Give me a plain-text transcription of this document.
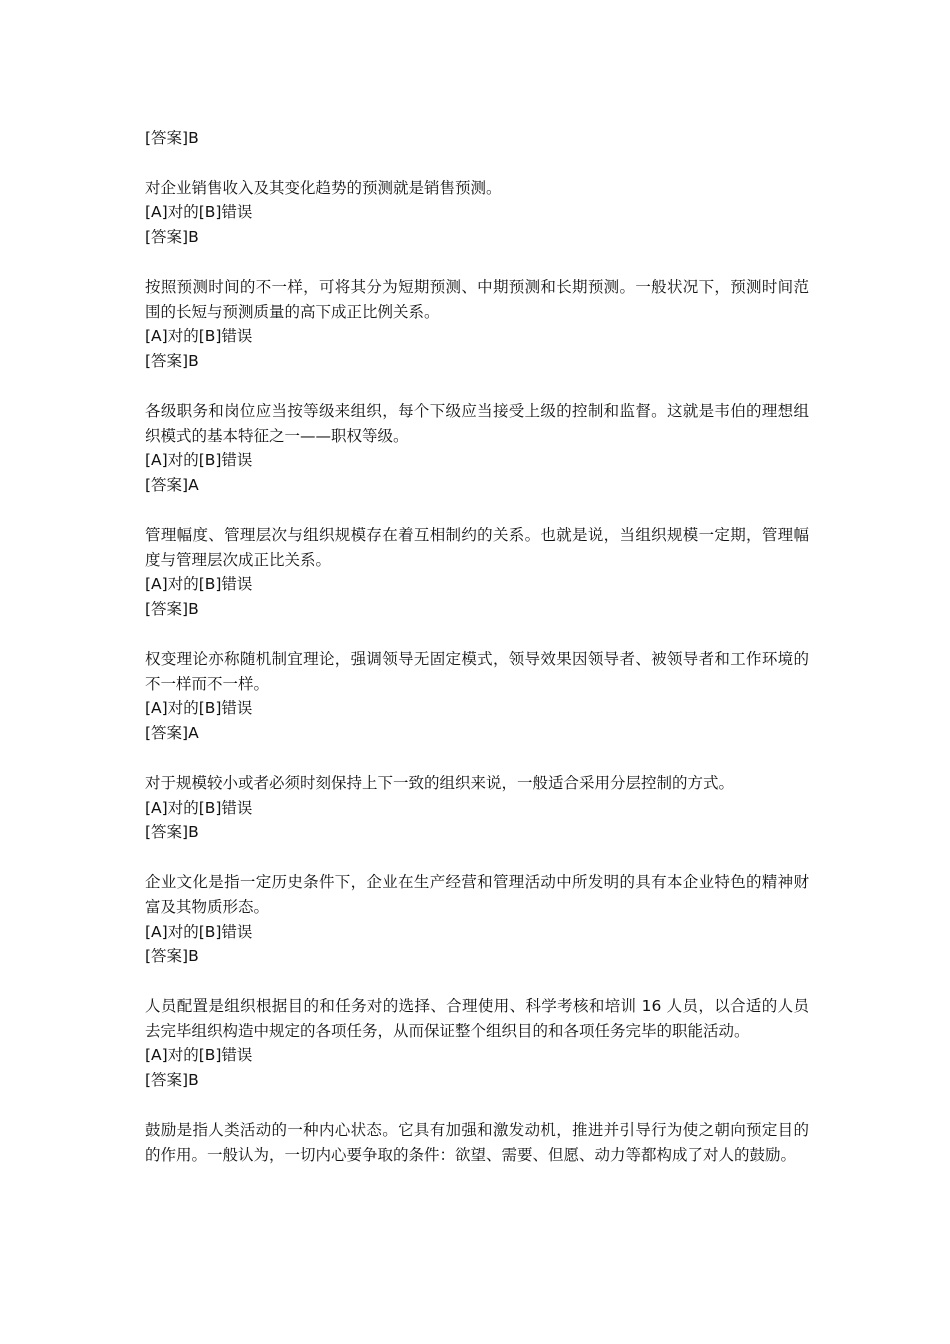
[答案]B
对企业销售收入及其变化趋势的预测就是销售预测。
[A]对的[B]错误
[答案]B
按照预测时间的不一样，可将其分为短期预测、中期预测和长期预测。一般状况下，预测时间范围的长短与预测质量的高下成正比例关系。
[A]对的[B]错误
[答案]B
各级职务和岗位应当按等级来组织，每个下级应当接受上级的控制和监督。这就是韦伯的理想组织模式的基本特征之一——职权等级。
[A]对的[B]错误
[答案]A
管理幅度、管理层次与组织规模存在着互相制约的关系。也就是说，当组织规模一定期，管理幅度与管理层次成正比关系。
[A]对的[B]错误
[答案]B
权变理论亦称随机制宜理论，强调领导无固定模式，领导效果因领导者、被领导者和工作环境的不一样而不一样。
[A]对的[B]错误
[答案]A
对于规模较小或者必须时刻保持上下一致的组织来说，一般适合采用分层控制的方式。
[A]对的[B]错误
[答案]B
企业文化是指一定历史条件下，企业在生产经营和管理活动中所发明的具有本企业特色的精神财富及其物质形态。
[A]对的[B]错误
[答案]B
人员配置是组织根据目的和任务对的选择、合理使用、科学考核和培训 16 人员，以合适的人员去完毕组织构造中规定的各项任务，从而保证整个组织目的和各项任务完毕的职能活动。
[A]对的[B]错误
[答案]B
鼓励是指人类活动的一种内心状态。它具有加强和激发动机，推进并引导行为使之朝向预定目的的作用。一般认为，一切内心要争取的条件：欲望、需要、但愿、动力等都构成了对人的鼓励。
